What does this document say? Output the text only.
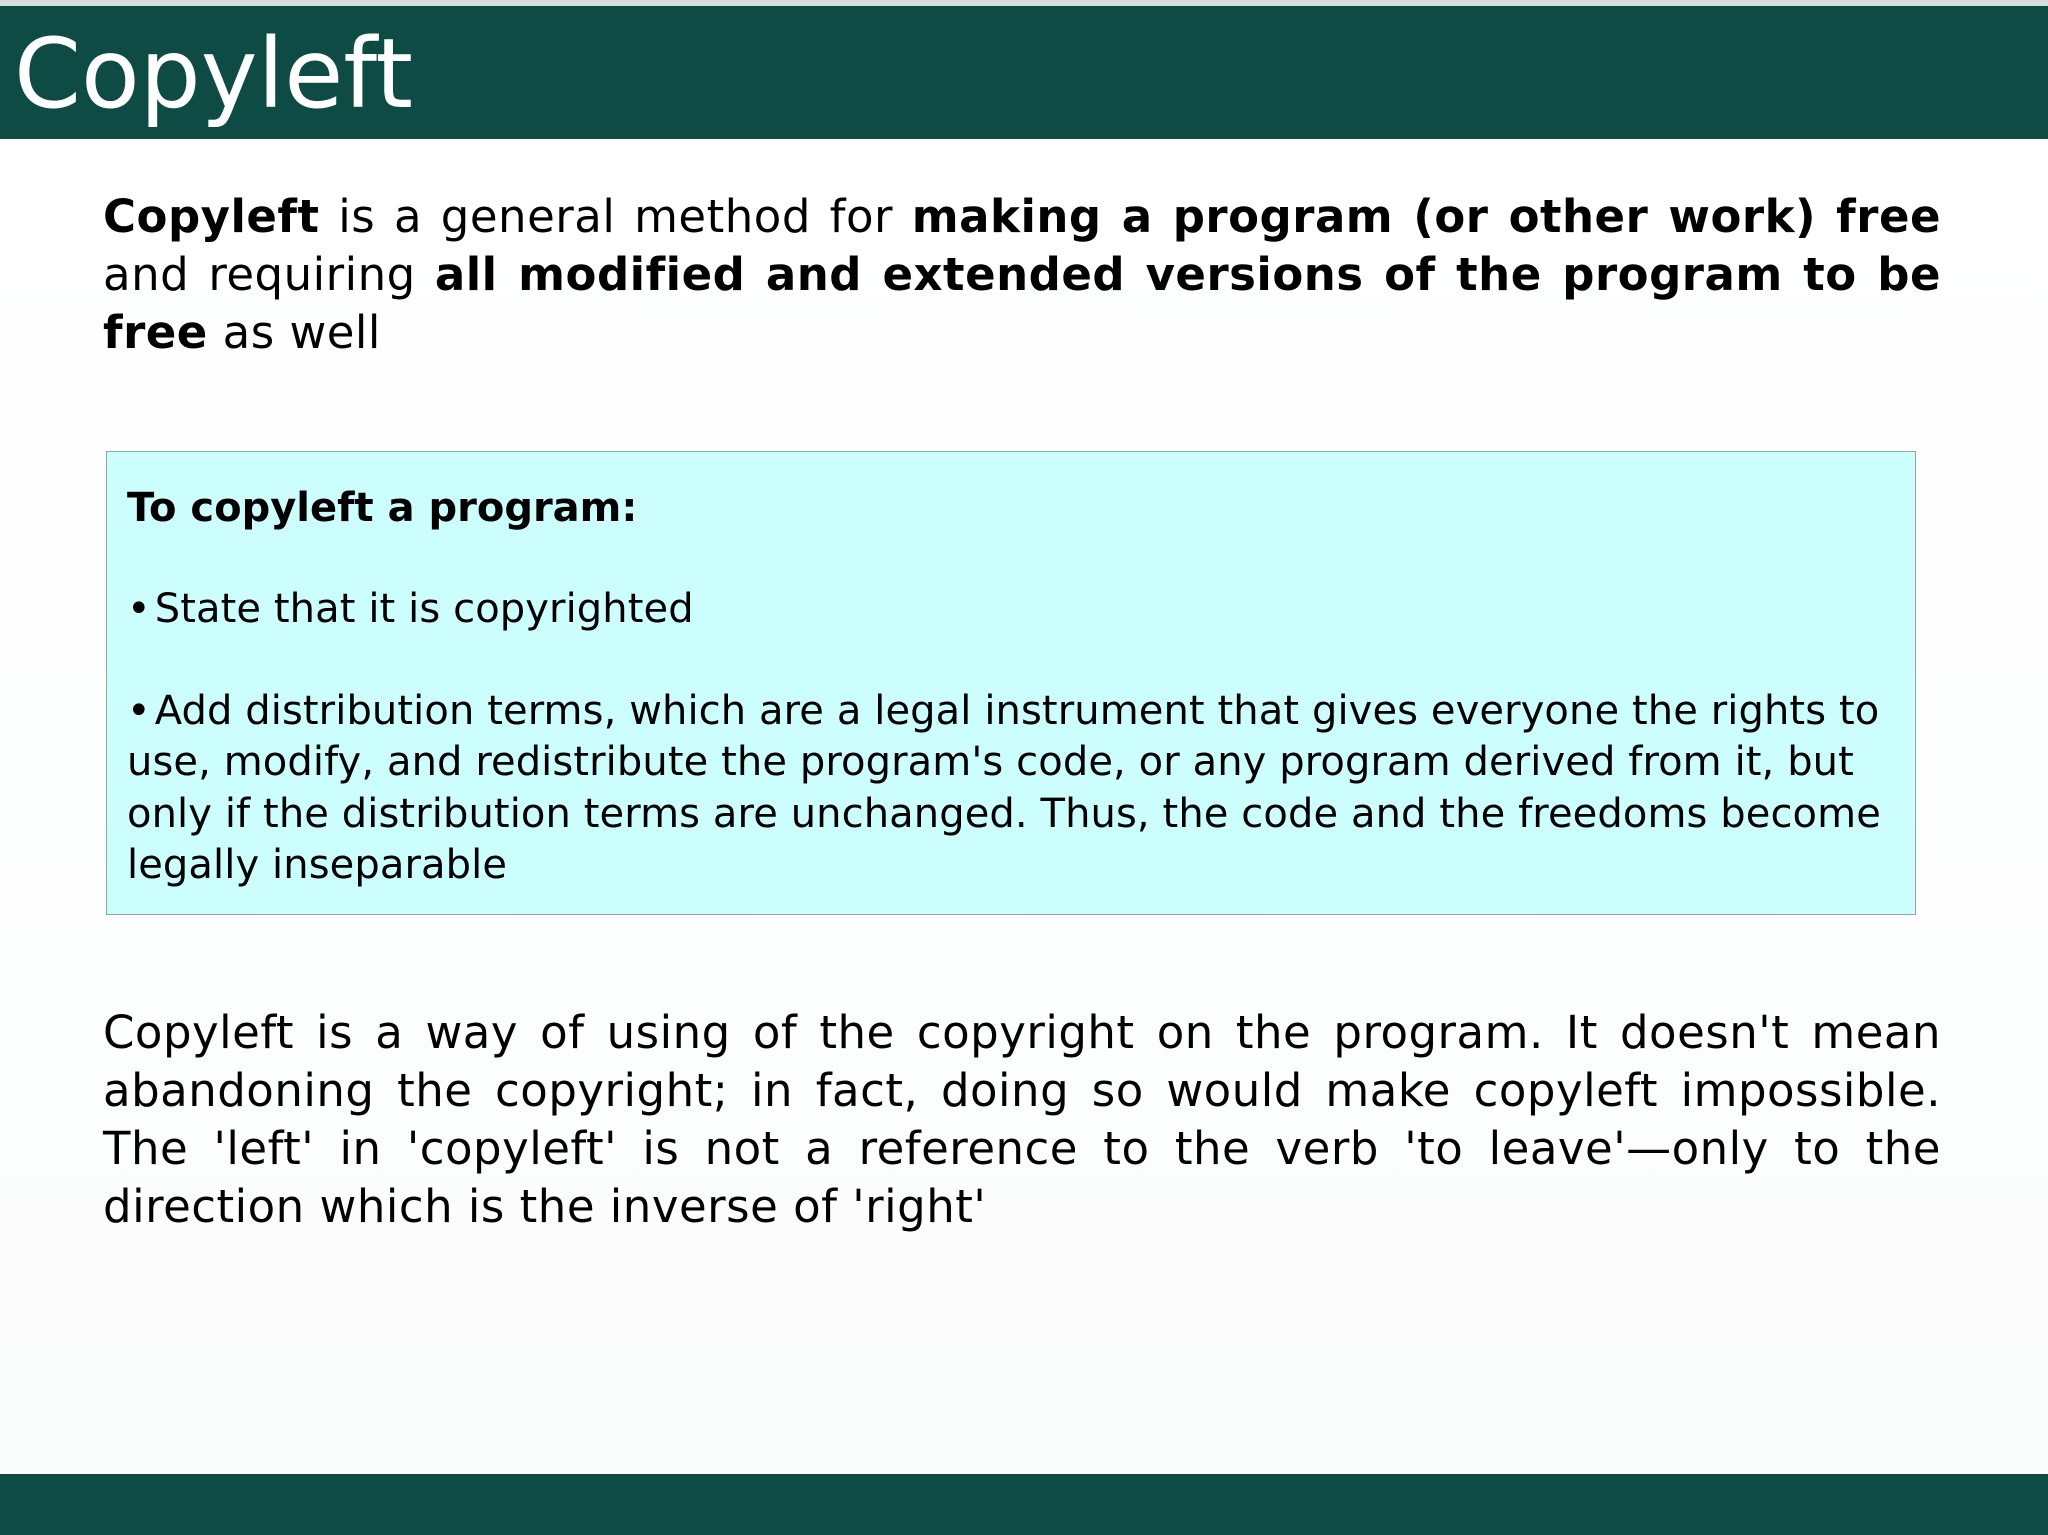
Copyleft

Copyleft is a general method for making a program (or other work) free and requiring all modified and extended versions of the program to be free as well

To copyleft a program:
• State that it is copyrighted
• Add distribution terms, which are a legal instrument that gives everyone the rights to use, modify, and redistribute the program's code, or any program derived from it, but only if the distribution terms are unchanged. Thus, the code and the freedoms become legally inseparable

Copyleft is a way of using of the copyright on the program. It doesn't mean abandoning the copyright; in fact, doing so would make copyleft impossible. The 'left' in 'copyleft' is not a reference to the verb 'to leave'—only to the direction which is the inverse of 'right'
